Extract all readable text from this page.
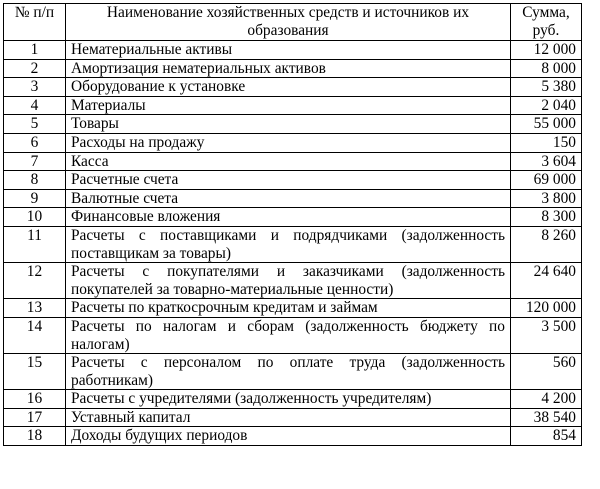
№ п/п	Наименование хозяйственных средств и источников их образования	Сумма, руб.
1	Нематериальные активы	12 000
2	Амортизация нематериальных активов	8 000
3	Оборудование к установке	5 380
4	Материалы	2 040
5	Товары	55 000
6	Расходы на продажу	150
7	Касса	3 604
8	Расчетные счета	69 000
9	Валютные счета	3 800
10	Финансовые вложения	8 300
11	Расчеты с поставщиками и подрядчиками (задолженность поставщикам за товары)	8 260
12	Расчеты с покупателями и заказчиками (задолженность покупателей за товарно-материальные ценности)	24 640
13	Расчеты по краткосрочным кредитам и займам	120 000
14	Расчеты по налогам и сборам (задолженность бюджету по налогам)	3 500
15	Расчеты с персоналом по оплате труда (задолженность работникам)	560
16	Расчеты с учредителями (задолженность учредителям)	4 200
17	Уставный капитал	38 540
18	Доходы будущих периодов	854
